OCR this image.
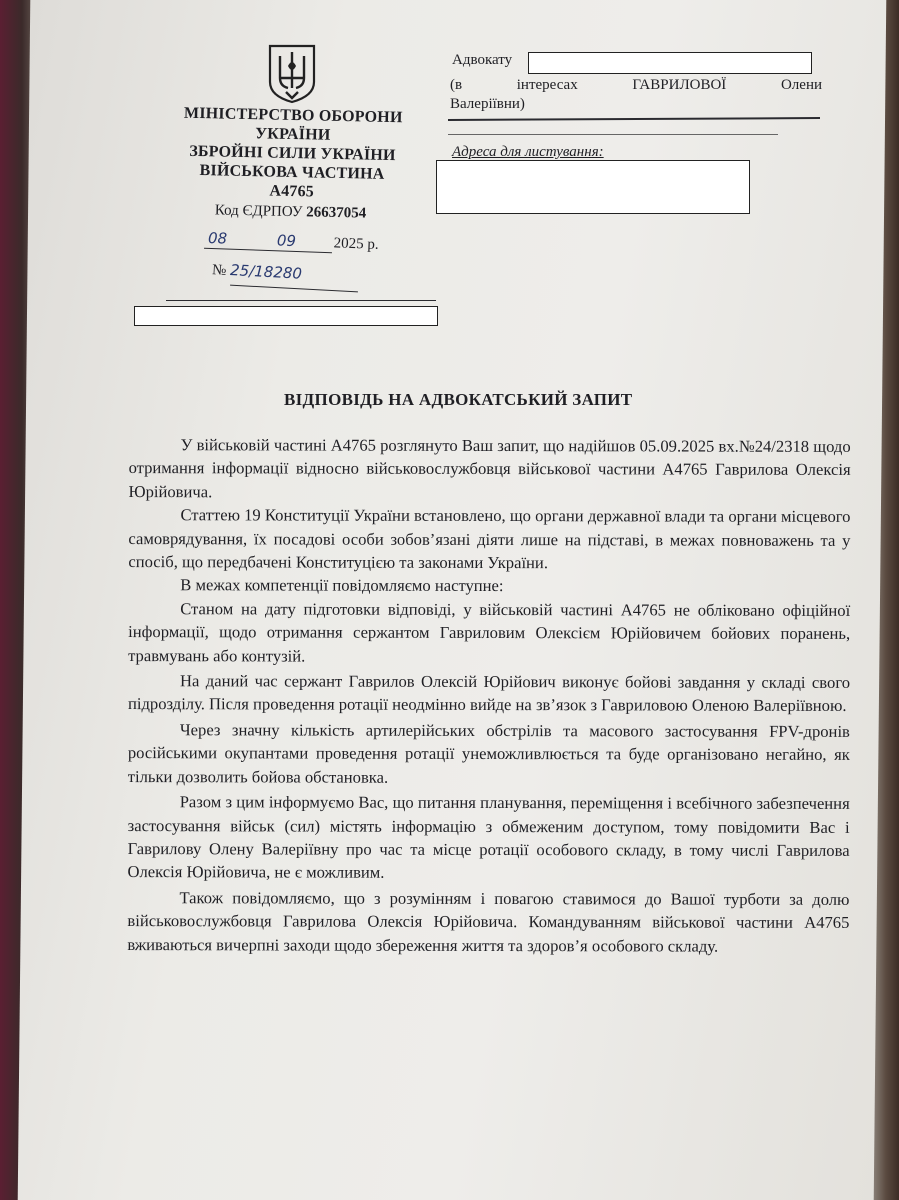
МІНІСТЕРСТВО ОБОРОНИ
УКРАЇНИ
ЗБРОЙНІ СИЛИ УКРАЇНИ
ВІЙСЬКОВА ЧАСТИНА
А4765
Код ЄДРПОУ 26637054
08	09 2025 р.
№ 25/18280
Адвокату
(в	інтересах	ГАВРИЛОВОЇ	Олени
Валеріївни)
Адреса для листування:
ВІДПОВІДЬ НА АДВОКАТСЬКИЙ ЗАПИТ

У військовій частині А4765 розглянуто Ваш запит, що надійшов 05.09.2025 вх.№24/2318 щодо отримання інформації відносно військовослужбовця військової частини А4765 Гаврилова Олексія Юрійовича.

Статтею 19 Конституції України встановлено, що органи державної влади та органи місцевого самоврядування, їх посадові особи зобов’язані діяти лише на підставі, в межах повноважень та у спосіб, що передбачені Конституцією та законами України.

В межах компетенції повідомляємо наступне:

Станом на дату підготовки відповіді, у військовій частині А4765 не обліковано офіційної інформації, щодо отримання сержантом Гавриловим Олексієм Юрійовичем бойових поранень, травмувань або контузій.

На даний час сержант Гаврилов Олексій Юрійович виконує бойові завдання у складі свого підрозділу. Після проведення ротації неодмінно вийде на зв’язок з Гавриловою Оленою Валеріївною.

Через значну кількість артилерійських обстрілів та масового застосування FPV-дронів російськими окупантами проведення ротації унеможливлюється та буде організовано негайно, як тільки дозволить бойова обстановка.

Разом з цим інформуємо Вас, що питання планування, переміщення і всебічного забезпечення застосування військ (сил) містять інформацію з обмеженим доступом, тому повідомити Вас і Гаврилову Олену Валеріївну про час та місце ротації особового складу, в тому числі Гаврилова Олексія Юрійовича, не є можливим.

Також повідомляємо, що з розумінням і повагою ставимося до Вашої турботи за долю військовослужбовця Гаврилова Олексія Юрійовича. Командуванням військової частини А4765 вживаються вичерпні заходи щодо збереження життя та здоров’я особового складу.
